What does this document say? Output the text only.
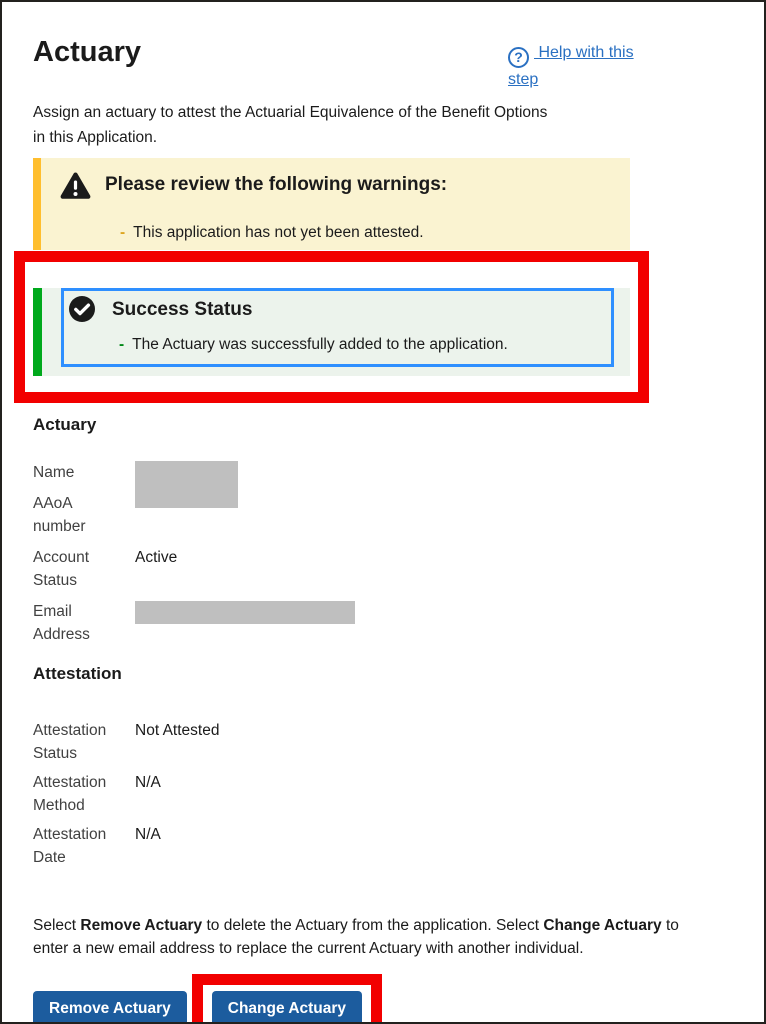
Actuary	? Help with this step
Assign an actuary to attest the Actuarial Equivalence of the Benefit Options
in this Application.
Please review the following warnings:
- This application has not yet been attested.
Success Status
- The Actuary was successfully added to the application.
Actuary
Name
AAoA number
Account Status
Active
Email Address
Attestation
Attestation Status
Not Attested
Attestation Method
N/A
Attestation Date
N/A
Select Remove Actuary to delete the Actuary from the application. Select Change Actuary to
enter a new email address to replace the current Actuary with another individual.
Remove Actuary	Change Actuary
